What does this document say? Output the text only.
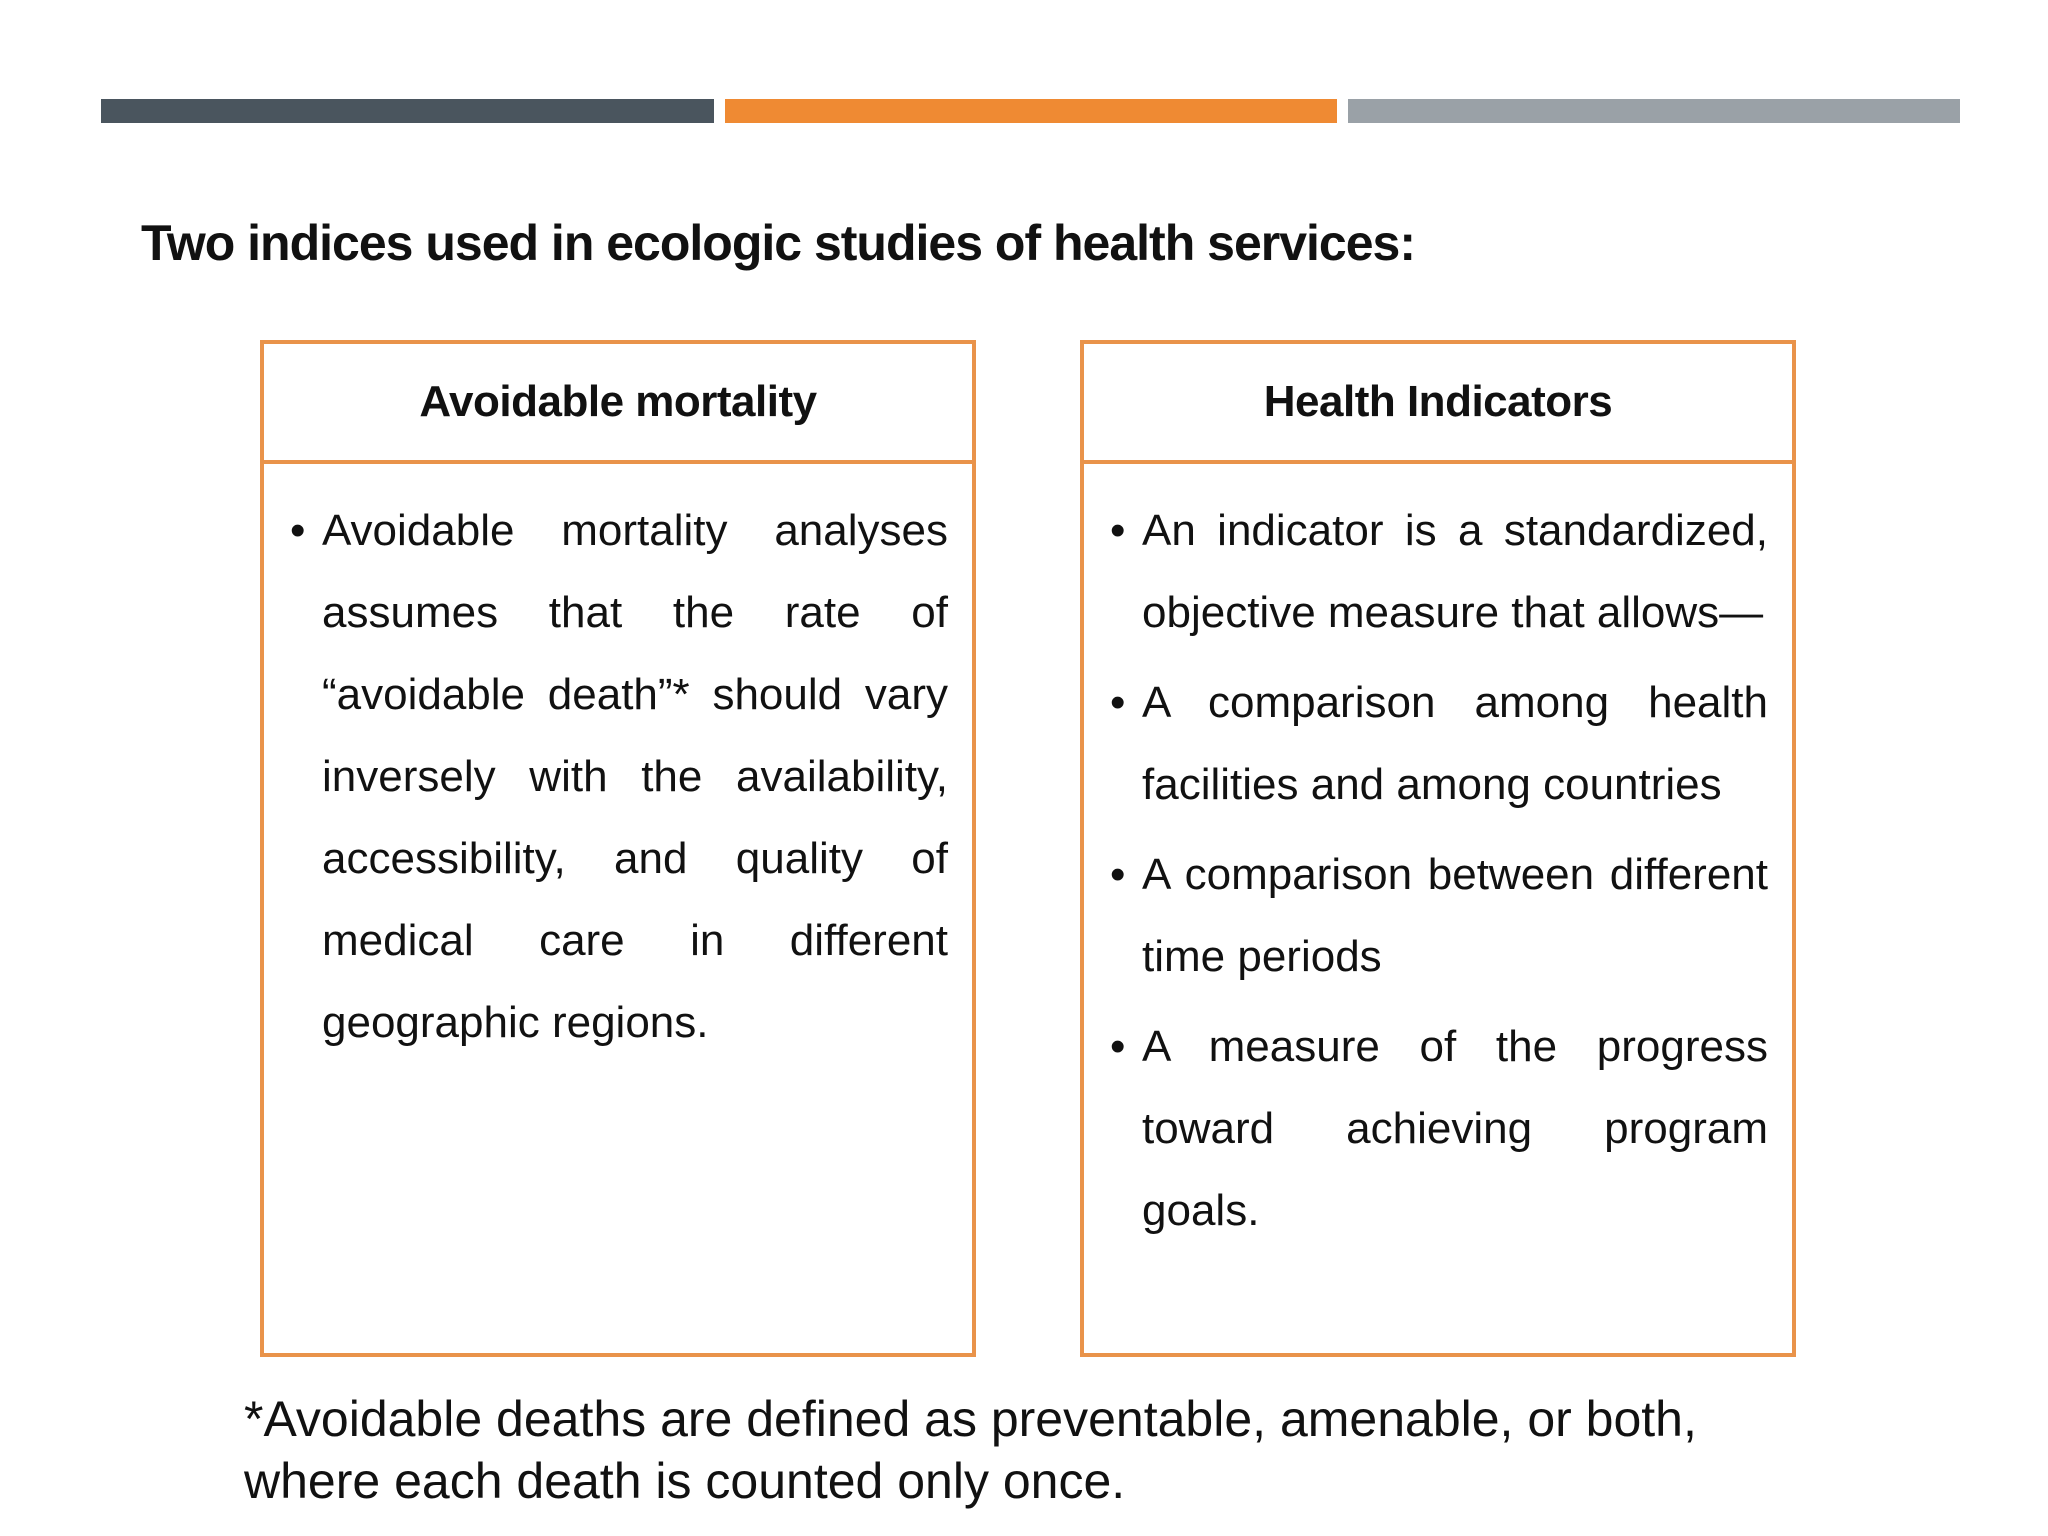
Two indices used in ecologic studies of health services:
Avoidable mortality
• Avoidable mortality analyses assumes that the rate of “avoidable death”* should vary inversely with the availability, accessibility, and quality of medical care in different geographic regions.
Health Indicators
• An indicator is a standardized, objective measure that allows—
• A comparison among health facilities and among countries
• A comparison between different time periods
• A measure of the progress toward achieving program goals.
*Avoidable deaths are defined as preventable, amenable, or both, where each death is counted only once.
